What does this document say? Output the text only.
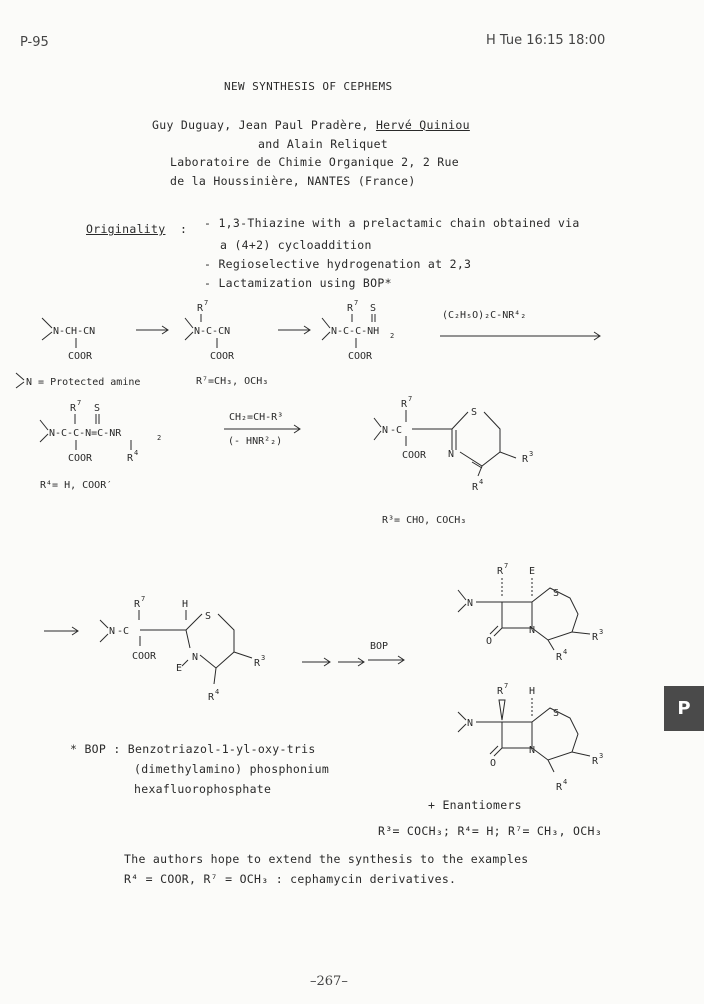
P-95	H Tue 16:15 18:00
NEW SYNTHESIS OF CEPHEMS
Guy Duguay, Jean Paul Pradère, Hervé Quiniou
and Alain Reliquet
Laboratoire de Chimie Organique 2, 2 Rue
de la Houssinière, NANTES (France)
Originality : - 1,3-Thiazine with a prelactamic chain obtained via
a (4+2) cycloaddition
- Regioselective hydrogenation at 2,3
- Lactamization using BOP*
N-CH-CN
COOR
R 7
N-C-CN
COOR
R 7 S
N-C-C-NH 2
COOR
(C₂H₅O)₂C-NR⁴₂
N = Protected amine	R⁷=CH₃, OCH₃
R 7 S
N-C-C-N=C-NR	2
COOR	R 4
R⁴= H, COOR′
CH₂=CH-R³
(- HNR²₂)
R 7
N -C
COOR
S
N	R 3
R 4
R³= CHO, COCH₃
R 7	H
N -C
COOR
S
N
E
R 4
R 3
BOP
R 7 E
N
S
N
O	R 3
R 4
R 7 H
N
S
N
O	R 3
R 4
+ Enantiomers
R³= COCH₃; R⁴= H; R⁷= CH₃, OCH₃
* BOP : Benzotriazol-1-yl-oxy-tris
(dimethylamino) phosphonium
hexafluorophosphate
The authors hope to extend the synthesis to the examples
R⁴ = COOR, R⁷ = OCH₃ : cephamycin derivatives.
–267–
P
